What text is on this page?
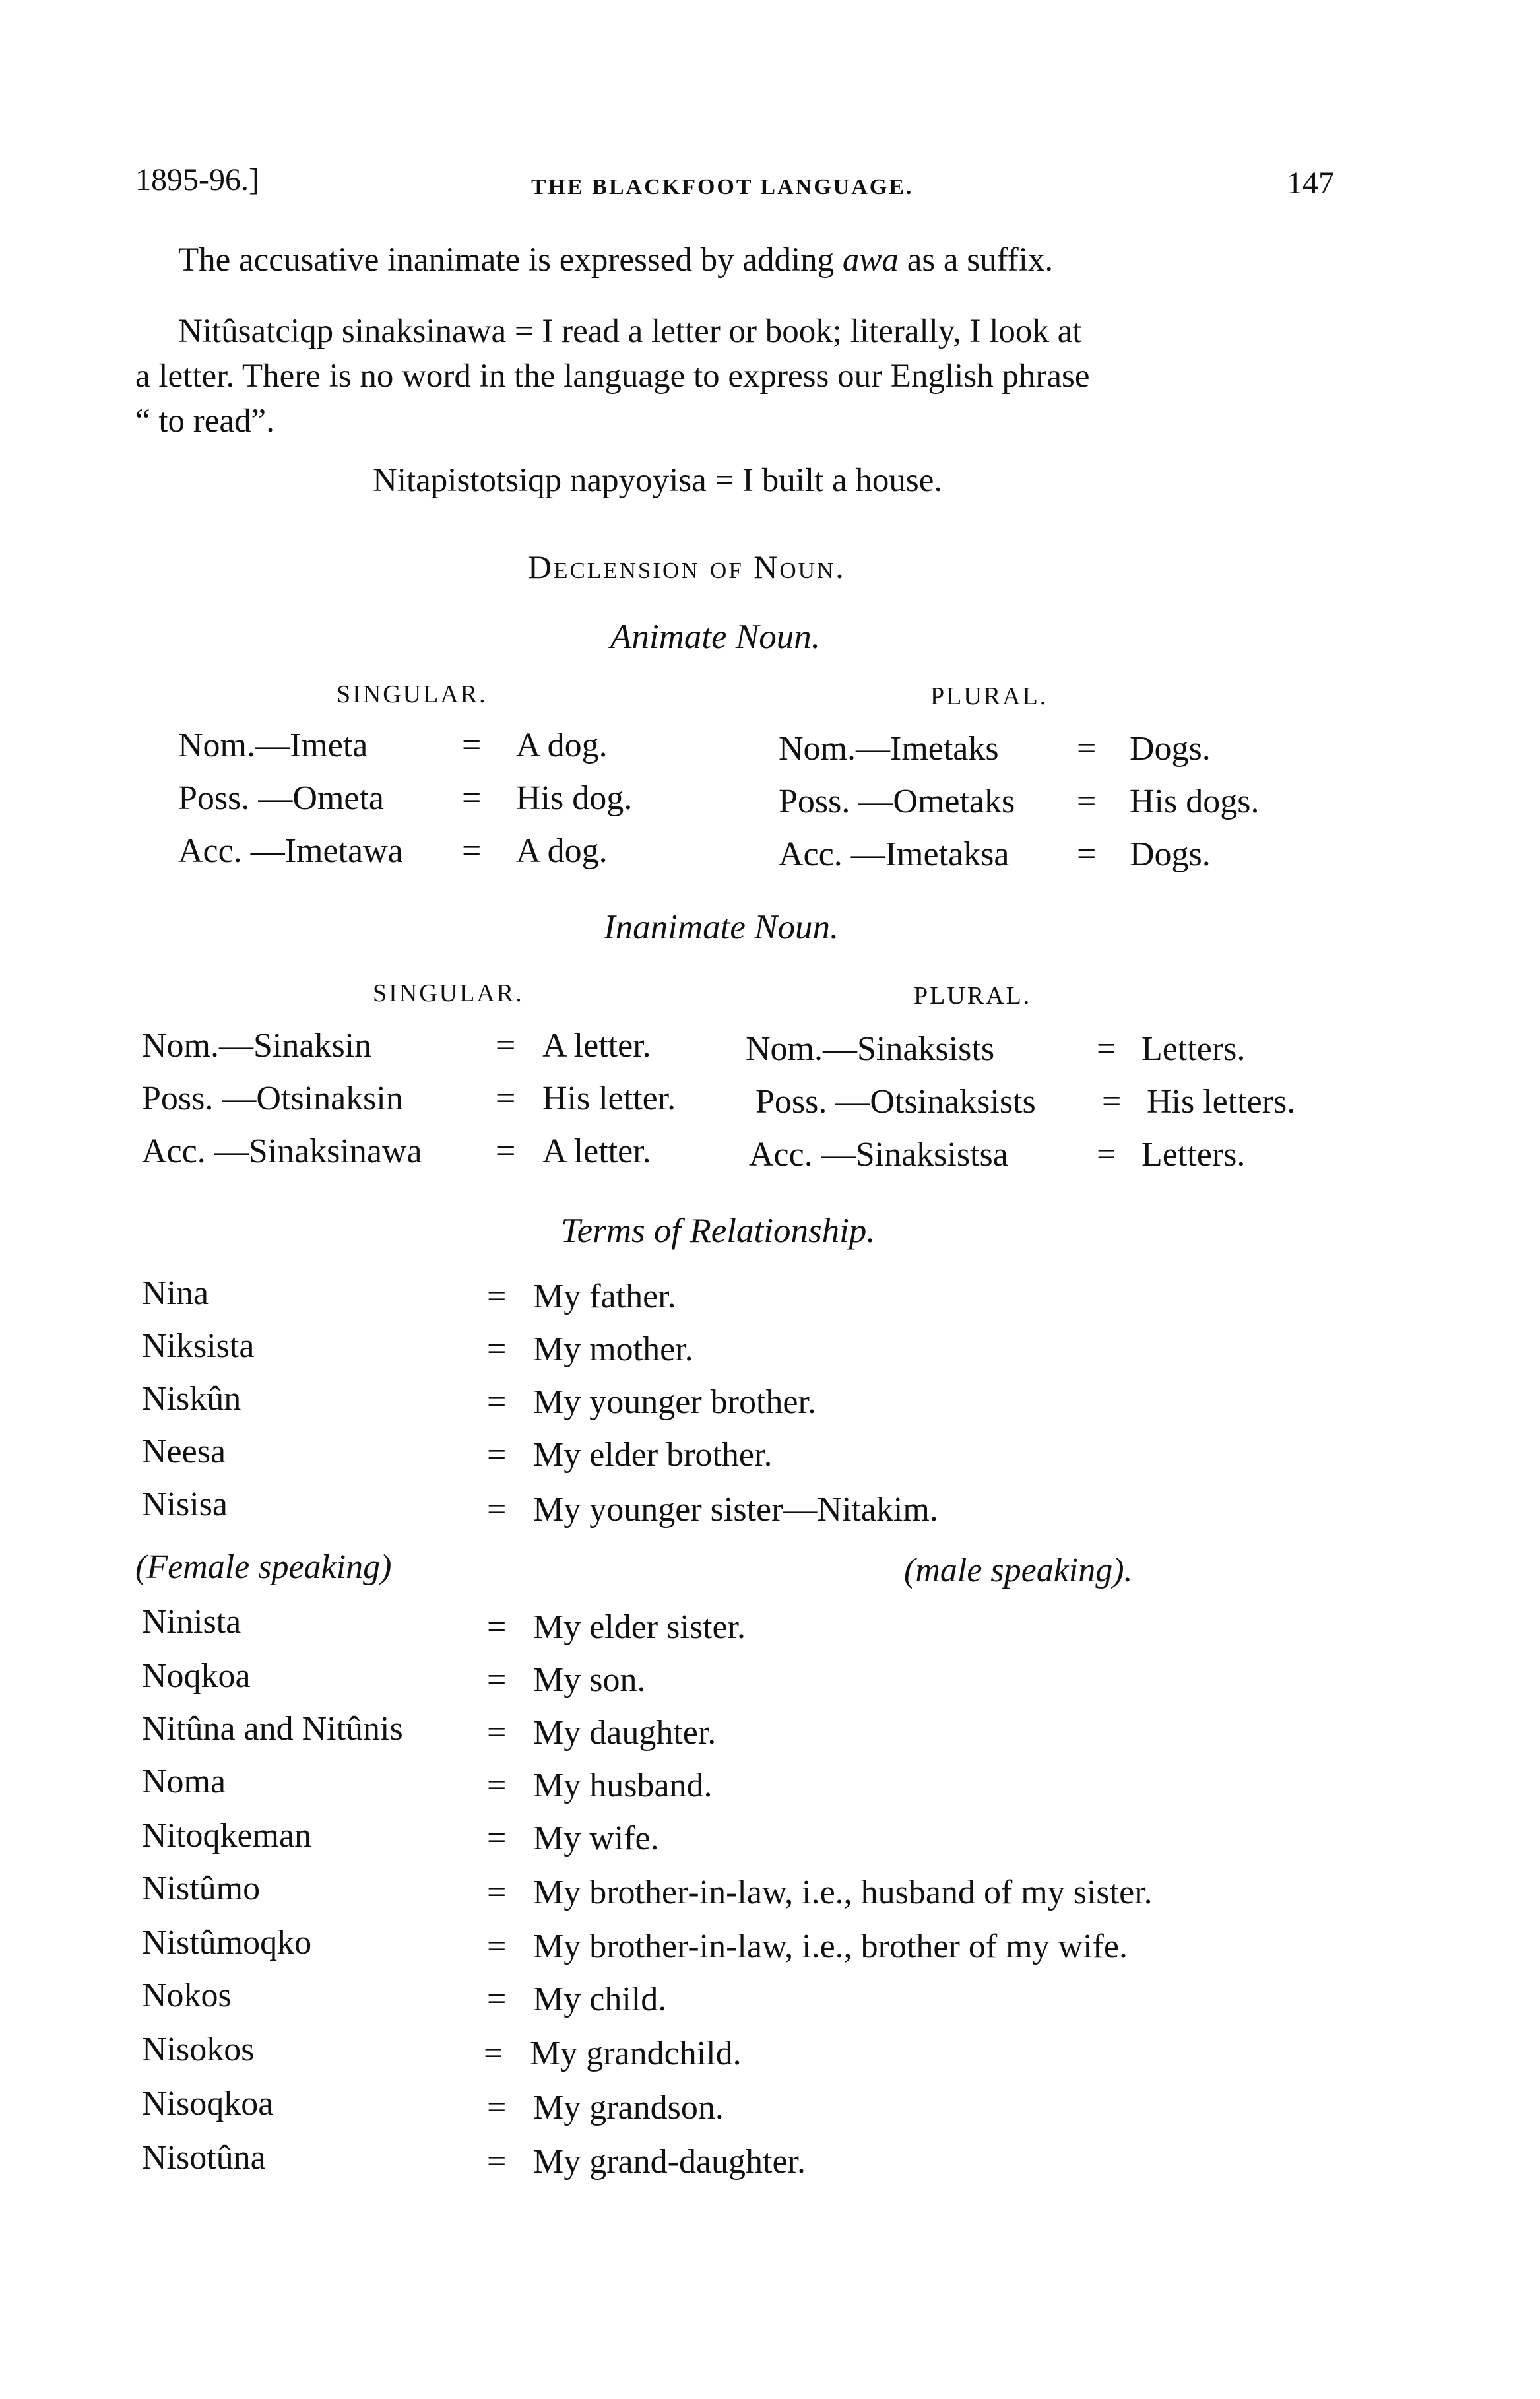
1895-96.]	THE BLACKFOOT LANGUAGE.	147
The accusative inanimate is expressed by adding awa as a suffix.
Nitûsatciqp sinaksinawa = I read a letter or book; literally, I look at
a letter. There is no word in the language to express our English phrase
“ to read”.
Nitapistotsiqp napyoyisa = I built a house.
Declension of Noun.
Animate Noun.
SINGULAR.	PLURAL.
Nom.—Imeta	= A dog.
Poss. —Ometa = His dog.
Acc. —Imetawa = A dog.
Nom.—Imetaks = Dogs.
Poss. —Ometaks = His dogs.
Acc. —Imetaksa = Dogs.
Inanimate Noun.
SINGULAR.	PLURAL.
Nom.—Sinaksin	= A letter.
Poss. —Otsinaksin	= His letter.
Acc. —Sinaksinawa = A letter.
Nom.—Sinaksists	= Letters.
Poss. —Otsinaksists = His letters.
Acc. —Sinaksistsa	= Letters.
Terms of Relationship.
Nina	= My father.
Niksista	= My mother.
Niskûn	= My younger brother.
Neesa	= My elder brother.
Nisisa	= My younger sister—Nitakim.
(Female speaking)	(male speaking).
Ninista	= My elder sister.
Noqkoa	= My son.
Nitûna and Nitûnis = My daughter.
Noma	= My husband.
Nitoqkeman	= My wife.
Nistûmo	= My brother-in-law, i.e., husband of my sister.
Nistûmoqko	= My brother-in-law, i.e., brother of my wife.
Nokos	= My child.
Nisokos	= My grandchild.
Nisoqkoa	= My grandson.
Nisotûna	= My grand-daughter.
